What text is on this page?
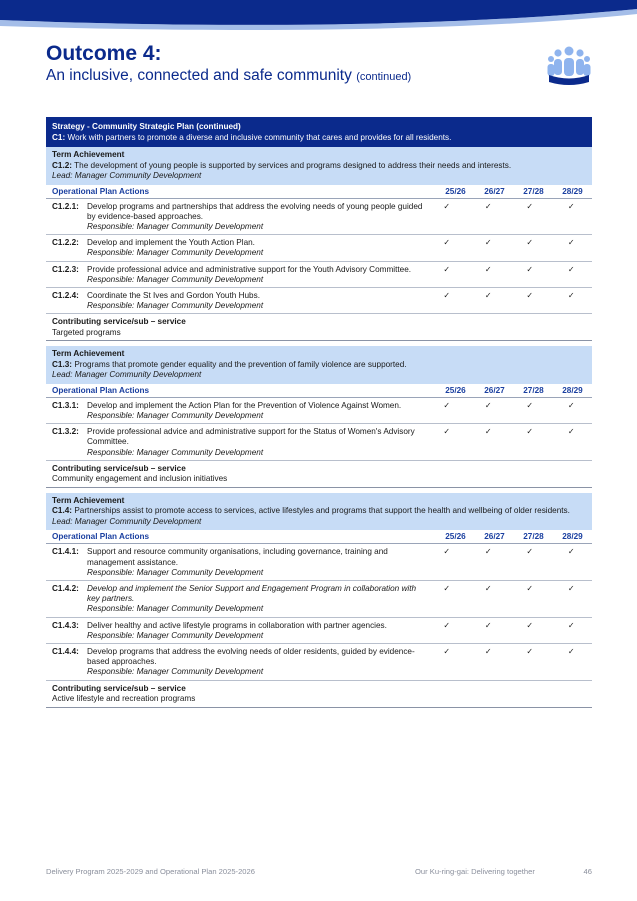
Outcome 4:
An inclusive, connected and safe community (continued)
Strategy - Community Strategic Plan (continued)
C1: Work with partners to promote a diverse and inclusive community that cares and provides for all residents.
Term Achievement
C1.2: The development of young people is supported by services and programs designed to address their needs and interests.
Lead: Manager Community Development
Operational Plan Actions	25/26	26/27	27/28	28/29
C1.2.1: Develop programs and partnerships that address the evolving needs of young people guided by evidence-based approaches.
Responsible: Manager Community Development
✓	✓	✓	✓
C1.2.2: Develop and implement the Youth Action Plan.
Responsible: Manager Community Development
✓	✓	✓	✓
C1.2.3: Provide professional advice and administrative support for the Youth Advisory Committee.
Responsible: Manager Community Development
✓	✓	✓	✓
C1.2.4: Coordinate the St Ives and Gordon Youth Hubs.
Responsible: Manager Community Development
✓	✓	✓	✓
Contributing service/sub – service
Targeted programs
Term Achievement
C1.3: Programs that promote gender equality and the prevention of family violence are supported.
Lead: Manager Community Development
Operational Plan Actions	25/26	26/27	27/28	28/29
C1.3.1: Develop and implement the Action Plan for the Prevention of Violence Against Women.
Responsible: Manager Community Development
✓	✓	✓	✓
C1.3.2: Provide professional advice and administrative support for the Status of Women's Advisory Committee.
Responsible: Manager Community Development
✓	✓	✓	✓
Contributing service/sub – service
Community engagement and inclusion initiatives
Term Achievement
C1.4: Partnerships assist to promote access to services, active lifestyles and programs that support the health and wellbeing of older residents.
Lead: Manager Community Development
Operational Plan Actions	25/26	26/27	27/28	28/29
C1.4.1: Support and resource community organisations, including governance, training and management assistance.
Responsible: Manager Community Development
✓	✓	✓	✓
C1.4.2: Develop and implement the Senior Support and Engagement Program in collaboration with key partners.
Responsible: Manager Community Development
✓	✓	✓	✓
C1.4.3: Deliver healthy and active lifestyle programs in collaboration with partner agencies.
Responsible: Manager Community Development
✓	✓	✓	✓
C1.4.4: Develop programs that address the evolving needs of older residents, guided by evidence-based approaches.
Responsible: Manager Community Development
✓	✓	✓	✓
Contributing service/sub – service
Active lifestyle and recreation programs
Delivery Program 2025-2029 and Operational Plan 2025-2026	Our Ku-ring-gai: Delivering together	46
